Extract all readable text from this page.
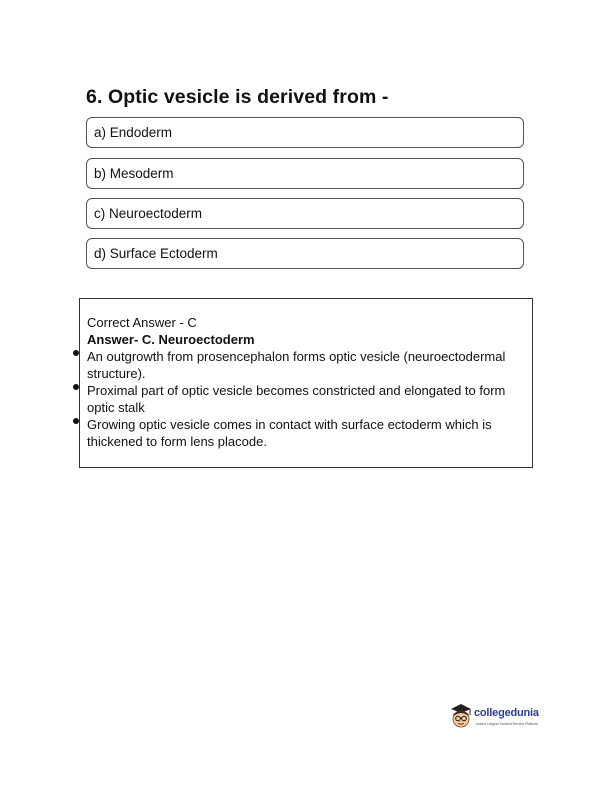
6. Optic vesicle is derived from -
a) Endoderm
b) Mesoderm
c) Neuroectoderm
d) Surface Ectoderm

Correct Answer - C

Answer- C. Neuroectoderm

An outgrowth from prosencephalon forms optic vesicle (neuroectodermal structure).
Proximal part of optic vesicle becomes constricted and elongated to form optic stalk
Growing optic vesicle comes in contact with surface ectoderm which is thickened to form lens placode.
collegedunia
India's Largest Student Review Platform
